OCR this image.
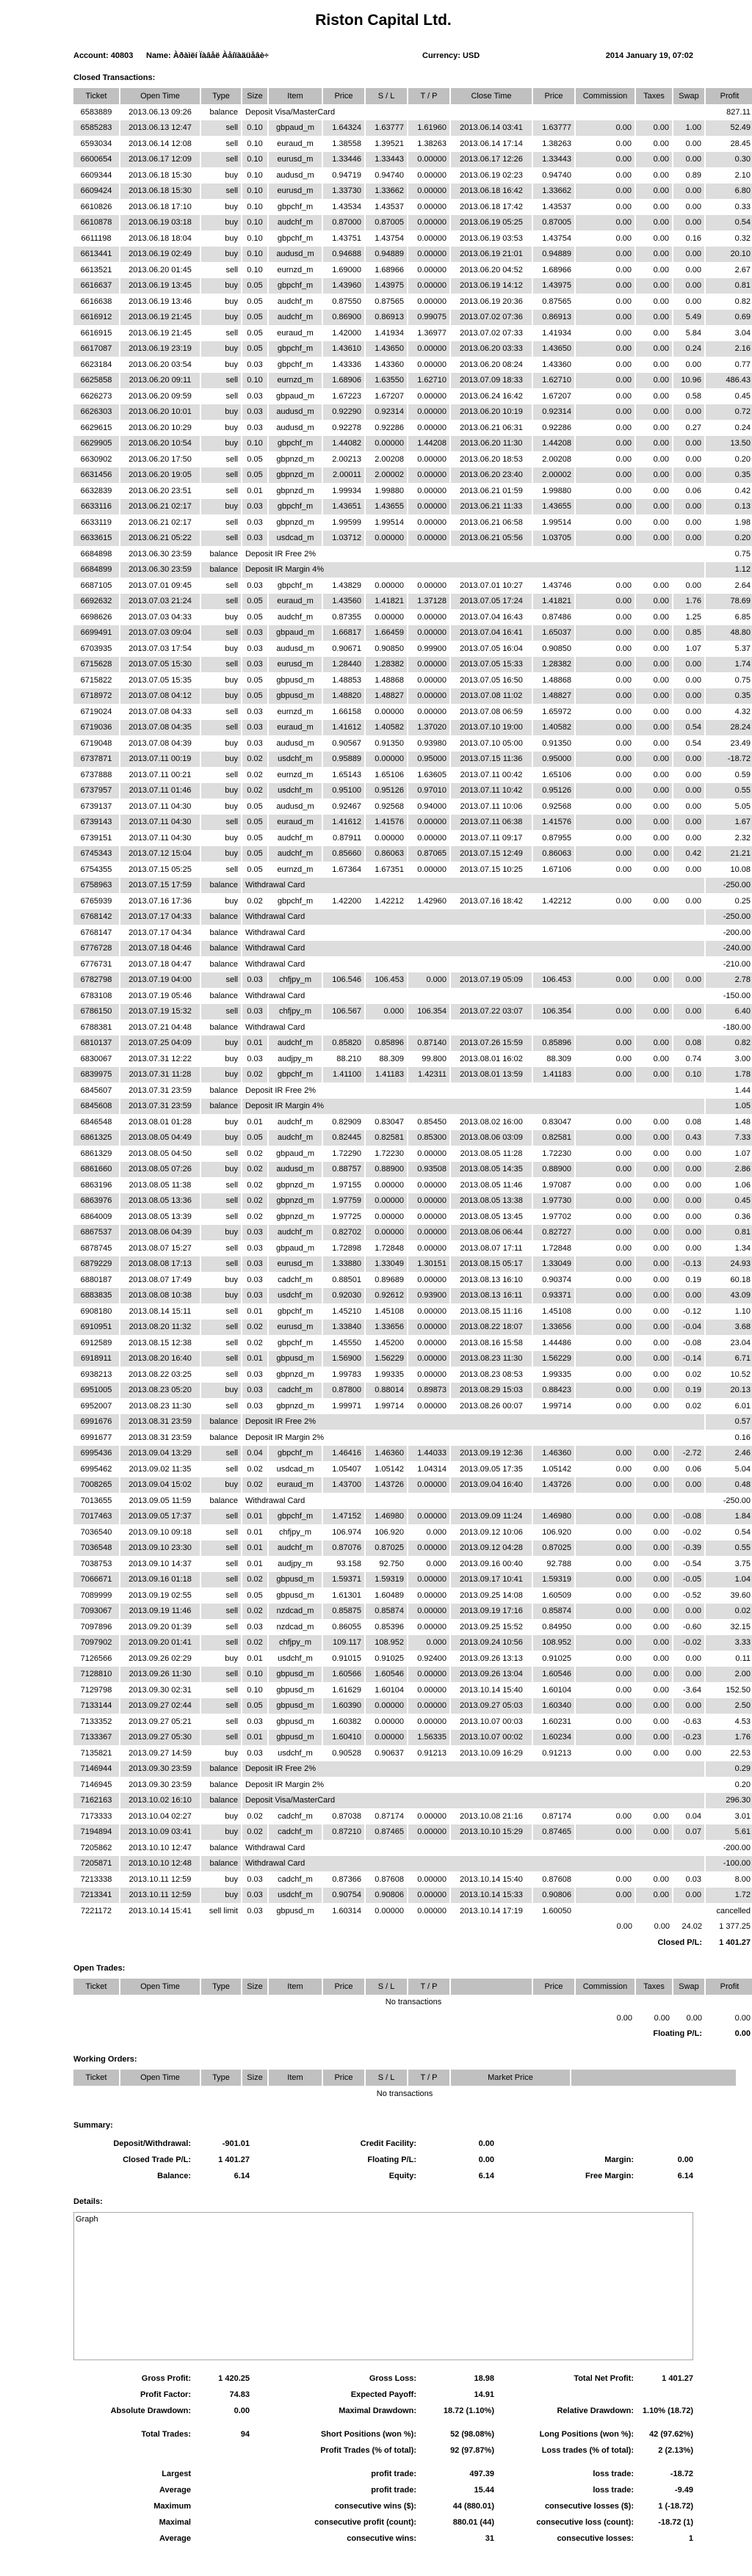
Riston Capital Ltd.
Account: 40803	Name: Àðàìëí Ïàâåë Àåíïàäüåâè÷	Currency: USD	2014 January 19, 07:02
Closed Transactions:
Ticket	Open Time	Type	Size	Item	Price	S / L	T / P	Close Time	Price	Commission	Taxes	Swap	Profit
6583889	2013.06.13 09:26	balance	Deposit Visa/MasterCard										827.11
6585283	2013.06.13 12:47	sell	0.10	gbpaud_m	1.64324	1.63777	1.61960	2013.06.14 03:41	1.63777	0.00	0.00	1.00	52.49
6593034	2013.06.14 12:08	sell	0.10	euraud_m	1.38558	1.39521	1.38263	2013.06.14 17:14	1.38263	0.00	0.00	0.00	28.45
6600654	2013.06.17 12:09	sell	0.10	eurusd_m	1.33446	1.33443	0.00000	2013.06.17 12:26	1.33443	0.00	0.00	0.00	0.30
6609344	2013.06.18 15:30	buy	0.10	audusd_m	0.94719	0.94740	0.00000	2013.06.19 02:23	0.94740	0.00	0.00	0.89	2.10
6609424	2013.06.18 15:30	sell	0.10	eurusd_m	1.33730	1.33662	0.00000	2013.06.18 16:42	1.33662	0.00	0.00	0.00	6.80
6610826	2013.06.18 17:10	buy	0.10	gbpchf_m	1.43534	1.43537	0.00000	2013.06.18 17:42	1.43537	0.00	0.00	0.00	0.33
6610878	2013.06.19 03:18	buy	0.10	audchf_m	0.87000	0.87005	0.00000	2013.06.19 05:25	0.87005	0.00	0.00	0.00	0.54
6611198	2013.06.18 18:04	buy	0.10	gbpchf_m	1.43751	1.43754	0.00000	2013.06.19 03:53	1.43754	0.00	0.00	0.16	0.32
6613441	2013.06.19 02:49	buy	0.10	audusd_m	0.94688	0.94889	0.00000	2013.06.19 21:01	0.94889	0.00	0.00	0.00	20.10
6613521	2013.06.20 01:45	sell	0.10	eurnzd_m	1.69000	1.68966	0.00000	2013.06.20 04:52	1.68966	0.00	0.00	0.00	2.67
6616637	2013.06.19 13:45	buy	0.05	gbpchf_m	1.43960	1.43975	0.00000	2013.06.19 14:12	1.43975	0.00	0.00	0.00	0.81
6616638	2013.06.19 13:46	buy	0.05	audchf_m	0.87550	0.87565	0.00000	2013.06.19 20:36	0.87565	0.00	0.00	0.00	0.82
6616912	2013.06.19 21:45	buy	0.05	audchf_m	0.86900	0.86913	0.99075	2013.07.02 07:36	0.86913	0.00	0.00	5.49	0.69
6616915	2013.06.19 21:45	sell	0.05	euraud_m	1.42000	1.41934	1.36977	2013.07.02 07:33	1.41934	0.00	0.00	5.84	3.04
6617087	2013.06.19 23:19	buy	0.05	gbpchf_m	1.43610	1.43650	0.00000	2013.06.20 03:33	1.43650	0.00	0.00	0.24	2.16
6623184	2013.06.20 03:54	buy	0.03	gbpchf_m	1.43336	1.43360	0.00000	2013.06.20 08:24	1.43360	0.00	0.00	0.00	0.77
6625858	2013.06.20 09:11	sell	0.10	eurnzd_m	1.68906	1.63550	1.62710	2013.07.09 18:33	1.62710	0.00	0.00	10.96	486.43
6626273	2013.06.20 09:59	sell	0.03	gbpaud_m	1.67223	1.67207	0.00000	2013.06.24 16:42	1.67207	0.00	0.00	0.58	0.45
6626303	2013.06.20 10:01	buy	0.03	audusd_m	0.92290	0.92314	0.00000	2013.06.20 10:19	0.92314	0.00	0.00	0.00	0.72
6629615	2013.06.20 10:29	buy	0.03	audusd_m	0.92278	0.92286	0.00000	2013.06.21 06:31	0.92286	0.00	0.00	0.27	0.24
6629905	2013.06.20 10:54	buy	0.10	gbpchf_m	1.44082	0.00000	1.44208	2013.06.20 11:30	1.44208	0.00	0.00	0.00	13.50
6630902	2013.06.20 17:50	sell	0.05	gbpnzd_m	2.00213	2.00208	0.00000	2013.06.20 18:53	2.00208	0.00	0.00	0.00	0.20
6631456	2013.06.20 19:05	sell	0.05	gbpnzd_m	2.00011	2.00002	0.00000	2013.06.20 23:40	2.00002	0.00	0.00	0.00	0.35
6632839	2013.06.20 23:51	sell	0.01	gbpnzd_m	1.99934	1.99880	0.00000	2013.06.21 01:59	1.99880	0.00	0.00	0.06	0.42
6633116	2013.06.21 02:17	buy	0.03	gbpchf_m	1.43651	1.43655	0.00000	2013.06.21 11:33	1.43655	0.00	0.00	0.00	0.13
6633119	2013.06.21 02:17	sell	0.03	gbpnzd_m	1.99599	1.99514	0.00000	2013.06.21 06:58	1.99514	0.00	0.00	0.00	1.98
6633615	2013.06.21 05:22	sell	0.03	usdcad_m	1.03712	0.00000	0.00000	2013.06.21 05:56	1.03705	0.00	0.00	0.00	0.20
6684898	2013.06.30 23:59	balance	Deposit IR Free 2%										0.75
6684899	2013.06.30 23:59	balance	Deposit IR Margin 4%										1.12
6687105	2013.07.01 09:45	sell	0.03	gbpchf_m	1.43829	0.00000	0.00000	2013.07.01 10:27	1.43746	0.00	0.00	0.00	2.64
6692632	2013.07.03 21:24	sell	0.05	euraud_m	1.43560	1.41821	1.37128	2013.07.05 17:24	1.41821	0.00	0.00	1.76	78.69
6698626	2013.07.03 04:33	buy	0.05	audchf_m	0.87355	0.00000	0.00000	2013.07.04 16:43	0.87486	0.00	0.00	1.25	6.85
6699491	2013.07.03 09:04	sell	0.03	gbpaud_m	1.66817	1.66459	0.00000	2013.07.04 16:41	1.65037	0.00	0.00	0.85	48.80
6703935	2013.07.03 17:54	buy	0.03	audusd_m	0.90671	0.90850	0.99900	2013.07.05 16:04	0.90850	0.00	0.00	1.07	5.37
6715628	2013.07.05 15:30	sell	0.03	eurusd_m	1.28440	1.28382	0.00000	2013.07.05 15:33	1.28382	0.00	0.00	0.00	1.74
6715822	2013.07.05 15:35	buy	0.05	gbpusd_m	1.48853	1.48868	0.00000	2013.07.05 16:50	1.48868	0.00	0.00	0.00	0.75
6718972	2013.07.08 04:12	buy	0.05	gbpusd_m	1.48820	1.48827	0.00000	2013.07.08 11:02	1.48827	0.00	0.00	0.00	0.35
6719024	2013.07.08 04:33	sell	0.03	eurnzd_m	1.66158	0.00000	0.00000	2013.07.08 06:59	1.65972	0.00	0.00	0.00	4.32
6719036	2013.07.08 04:35	sell	0.03	euraud_m	1.41612	1.40582	1.37020	2013.07.10 19:00	1.40582	0.00	0.00	0.54	28.24
6719048	2013.07.08 04:39	buy	0.03	audusd_m	0.90567	0.91350	0.93980	2013.07.10 05:00	0.91350	0.00	0.00	0.54	23.49
6737871	2013.07.11 00:19	buy	0.02	usdchf_m	0.95889	0.00000	0.95000	2013.07.15 11:36	0.95000	0.00	0.00	0.00	-18.72
6737888	2013.07.11 00:21	sell	0.02	eurnzd_m	1.65143	1.65106	1.63605	2013.07.11 00:42	1.65106	0.00	0.00	0.00	0.59
6737957	2013.07.11 01:46	buy	0.02	usdchf_m	0.95100	0.95126	0.97010	2013.07.11 10:42	0.95126	0.00	0.00	0.00	0.55
6739137	2013.07.11 04:30	buy	0.05	audusd_m	0.92467	0.92568	0.94000	2013.07.11 10:06	0.92568	0.00	0.00	0.00	5.05
6739143	2013.07.11 04:30	sell	0.05	euraud_m	1.41612	1.41576	0.00000	2013.07.11 06:38	1.41576	0.00	0.00	0.00	1.67
6739151	2013.07.11 04:30	buy	0.05	audchf_m	0.87911	0.00000	0.00000	2013.07.11 09:17	0.87955	0.00	0.00	0.00	2.32
6745343	2013.07.12 15:04	buy	0.05	audchf_m	0.85660	0.86063	0.87065	2013.07.15 12:49	0.86063	0.00	0.00	0.42	21.21
6754355	2013.07.15 05:25	sell	0.05	eurnzd_m	1.67364	1.67351	0.00000	2013.07.15 10:25	1.67106	0.00	0.00	0.00	10.08
6758963	2013.07.15 17:59	balance	Withdrawal Card										-250.00
6765939	2013.07.16 17:36	buy	0.02	gbpchf_m	1.42200	1.42212	1.42960	2013.07.16 18:42	1.42212	0.00	0.00	0.00	0.25
6768142	2013.07.17 04:33	balance	Withdrawal Card										-250.00
6768147	2013.07.17 04:34	balance	Withdrawal Card										-200.00
6776728	2013.07.18 04:46	balance	Withdrawal Card										-240.00
6776731	2013.07.18 04:47	balance	Withdrawal Card										-210.00
6782798	2013.07.19 04:00	sell	0.03	chfjpy_m	106.546	106.453	0.000	2013.07.19 05:09	106.453	0.00	0.00	0.00	2.78
6783108	2013.07.19 05:46	balance	Withdrawal Card										-150.00
6786150	2013.07.19 15:32	sell	0.03	chfjpy_m	106.567	0.000	106.354	2013.07.22 03:07	106.354	0.00	0.00	0.00	6.40
6788381	2013.07.21 04:48	balance	Withdrawal Card										-180.00
6810137	2013.07.25 04:09	buy	0.01	audchf_m	0.85820	0.85896	0.87140	2013.07.26 15:59	0.85896	0.00	0.00	0.08	0.82
6830067	2013.07.31 12:22	buy	0.03	audjpy_m	88.210	88.309	99.800	2013.08.01 16:02	88.309	0.00	0.00	0.74	3.00
6839975	2013.07.31 11:28	buy	0.02	gbpchf_m	1.41100	1.41183	1.42311	2013.08.01 13:59	1.41183	0.00	0.00	0.10	1.78
6845607	2013.07.31 23:59	balance	Deposit IR Free 2%										1.44
6845608	2013.07.31 23:59	balance	Deposit IR Margin 4%										1.05
6846548	2013.08.01 01:28	buy	0.01	audchf_m	0.82909	0.83047	0.85450	2013.08.02 16:00	0.83047	0.00	0.00	0.08	1.48
6861325	2013.08.05 04:49	buy	0.05	audchf_m	0.82445	0.82581	0.85300	2013.08.06 03:09	0.82581	0.00	0.00	0.43	7.33
6861329	2013.08.05 04:50	sell	0.02	gbpaud_m	1.72290	1.72230	0.00000	2013.08.05 11:28	1.72230	0.00	0.00	0.00	1.07
6861660	2013.08.05 07:26	buy	0.02	audusd_m	0.88757	0.88900	0.93508	2013.08.05 14:35	0.88900	0.00	0.00	0.00	2.86
6863196	2013.08.05 11:38	sell	0.02	gbpnzd_m	1.97155	0.00000	0.00000	2013.08.05 11:46	1.97087	0.00	0.00	0.00	1.06
6863976	2013.08.05 13:36	sell	0.02	gbpnzd_m	1.97759	0.00000	0.00000	2013.08.05 13:38	1.97730	0.00	0.00	0.00	0.45
6864009	2013.08.05 13:39	sell	0.02	gbpnzd_m	1.97725	0.00000	0.00000	2013.08.05 13:45	1.97702	0.00	0.00	0.00	0.36
6867537	2013.08.06 04:39	buy	0.03	audchf_m	0.82702	0.00000	0.00000	2013.08.06 06:44	0.82727	0.00	0.00	0.00	0.81
6878745	2013.08.07 15:27	sell	0.03	gbpaud_m	1.72898	1.72848	0.00000	2013.08.07 17:11	1.72848	0.00	0.00	0.00	1.34
6879229	2013.08.08 17:13	sell	0.03	eurusd_m	1.33880	1.33049	1.30151	2013.08.15 05:17	1.33049	0.00	0.00	-0.13	24.93
6880187	2013.08.07 17:49	buy	0.03	cadchf_m	0.88501	0.89689	0.00000	2013.08.13 16:10	0.90374	0.00	0.00	0.19	60.18
6883835	2013.08.08 10:38	buy	0.03	usdchf_m	0.92030	0.92612	0.93900	2013.08.13 16:11	0.93371	0.00	0.00	0.00	43.09
6908180	2013.08.14 15:11	sell	0.01	gbpchf_m	1.45210	1.45108	0.00000	2013.08.15 11:16	1.45108	0.00	0.00	-0.12	1.10
6910951	2013.08.20 11:32	sell	0.02	eurusd_m	1.33840	1.33656	0.00000	2013.08.22 18:07	1.33656	0.00	0.00	-0.04	3.68
6912589	2013.08.15 12:38	sell	0.02	gbpchf_m	1.45550	1.45200	0.00000	2013.08.16 15:58	1.44486	0.00	0.00	-0.08	23.04
6918911	2013.08.20 16:40	sell	0.01	gbpusd_m	1.56900	1.56229	0.00000	2013.08.23 11:30	1.56229	0.00	0.00	-0.14	6.71
6938213	2013.08.22 03:25	sell	0.03	gbpnzd_m	1.99783	1.99335	0.00000	2013.08.23 08:53	1.99335	0.00	0.00	0.02	10.52
6951005	2013.08.23 05:20	buy	0.03	cadchf_m	0.87800	0.88014	0.89873	2013.08.29 15:03	0.88423	0.00	0.00	0.19	20.13
6952007	2013.08.23 11:30	sell	0.03	gbpnzd_m	1.99971	1.99714	0.00000	2013.08.26 00:07	1.99714	0.00	0.00	0.02	6.01
6991676	2013.08.31 23:59	balance	Deposit IR Free 2%										0.57
6991677	2013.08.31 23:59	balance	Deposit IR Margin 2%										0.16
6995436	2013.09.04 13:29	sell	0.04	gbpchf_m	1.46416	1.46360	1.44033	2013.09.19 12:36	1.46360	0.00	0.00	-2.72	2.46
6995462	2013.09.02 11:35	sell	0.02	usdcad_m	1.05407	1.05142	1.04314	2013.09.05 17:35	1.05142	0.00	0.00	0.06	5.04
7008265	2013.09.04 15:02	buy	0.02	euraud_m	1.43700	1.43726	0.00000	2013.09.04 16:40	1.43726	0.00	0.00	0.00	0.48
7013655	2013.09.05 11:59	balance	Withdrawal Card										-250.00
7017463	2013.09.05 17:37	sell	0.01	gbpchf_m	1.47152	1.46980	0.00000	2013.09.09 11:24	1.46980	0.00	0.00	-0.08	1.84
7036540	2013.09.10 09:18	sell	0.01	chfjpy_m	106.974	106.920	0.000	2013.09.12 10:06	106.920	0.00	0.00	-0.02	0.54
7036548	2013.09.10 23:30	sell	0.01	audchf_m	0.87076	0.87025	0.00000	2013.09.12 04:28	0.87025	0.00	0.00	-0.39	0.55
7038753	2013.09.10 14:37	sell	0.01	audjpy_m	93.158	92.750	0.000	2013.09.16 00:40	92.788	0.00	0.00	-0.54	3.75
7066671	2013.09.16 01:18	sell	0.02	gbpusd_m	1.59371	1.59319	0.00000	2013.09.17 10:41	1.59319	0.00	0.00	-0.05	1.04
7089999	2013.09.19 02:55	sell	0.05	gbpusd_m	1.61301	1.60489	0.00000	2013.09.25 14:08	1.60509	0.00	0.00	-0.52	39.60
7093067	2013.09.19 11:46	sell	0.02	nzdcad_m	0.85875	0.85874	0.00000	2013.09.19 17:16	0.85874	0.00	0.00	0.00	0.02
7097896	2013.09.20 01:39	sell	0.03	nzdcad_m	0.86055	0.85396	0.00000	2013.09.25 15:52	0.84950	0.00	0.00	-0.60	32.15
7097902	2013.09.20 01:41	sell	0.02	chfjpy_m	109.117	108.952	0.000	2013.09.24 10:56	108.952	0.00	0.00	-0.02	3.33
7126566	2013.09.26 02:29	buy	0.01	usdchf_m	0.91015	0.91025	0.92400	2013.09.26 13:13	0.91025	0.00	0.00	0.00	0.11
7128810	2013.09.26 11:30	sell	0.10	gbpusd_m	1.60566	1.60546	0.00000	2013.09.26 13:04	1.60546	0.00	0.00	0.00	2.00
7129798	2013.09.30 02:31	sell	0.10	gbpusd_m	1.61629	1.60104	0.00000	2013.10.14 15:40	1.60104	0.00	0.00	-3.64	152.50
7133144	2013.09.27 02:44	sell	0.05	gbpusd_m	1.60390	0.00000	0.00000	2013.09.27 05:03	1.60340	0.00	0.00	0.00	2.50
7133352	2013.09.27 05:21	sell	0.03	gbpusd_m	1.60382	0.00000	0.00000	2013.10.07 00:03	1.60231	0.00	0.00	-0.63	4.53
7133367	2013.09.27 05:30	sell	0.01	gbpusd_m	1.60410	0.00000	1.56335	2013.10.07 00:02	1.60234	0.00	0.00	-0.23	1.76
7135821	2013.09.27 14:59	buy	0.03	usdchf_m	0.90528	0.90637	0.91213	2013.10.09 16:29	0.91213	0.00	0.00	0.00	22.53
7146944	2013.09.30 23:59	balance	Deposit IR Free 2%										0.29
7146945	2013.09.30 23:59	balance	Deposit IR Margin 2%										0.20
7162163	2013.10.02 16:10	balance	Deposit Visa/MasterCard										296.30
7173333	2013.10.04 02:27	buy	0.02	cadchf_m	0.87038	0.87174	0.00000	2013.10.08 21:16	0.87174	0.00	0.00	0.04	3.01
7194894	2013.10.09 03:41	buy	0.02	cadchf_m	0.87210	0.87465	0.00000	2013.10.10 15:29	0.87465	0.00	0.00	0.07	5.61
7205862	2013.10.10 12:47	balance	Withdrawal Card										-200.00
7205871	2013.10.10 12:48	balance	Withdrawal Card										-100.00
7213338	2013.10.11 12:59	buy	0.03	cadchf_m	0.87366	0.87608	0.00000	2013.10.14 15:40	0.87608	0.00	0.00	0.03	8.00
7213341	2013.10.11 12:59	buy	0.03	usdchf_m	0.90754	0.90806	0.00000	2013.10.14 15:33	0.90806	0.00	0.00	0.00	1.72
7221172	2013.10.14 15:41	sell limit	0.03	gbpusd_m	1.60314	0.00000	0.00000	2013.10.14 17:19	1.60050				cancelled
										0.00	0.00	24.02	1 377.25
										Closed P/L:			1 401.27
Open Trades:
Ticket	Open Time	Type	Size	Item	Price	S / L	T / P		Price	Commission	Taxes	Swap	Profit
No transactions													
										0.00	0.00	0.00	0.00
										Floating P/L:			0.00
Working Orders:
Ticket	Open Time	Type	Size	Item	Price	S / L	T / P	Market Price	
No transactions
Summary:
Deposit/Withdrawal:	-901.01	Credit Facility:	0.00
Closed Trade P/L:	1 401.27	Floating P/L:	0.00	Margin:	0.00
Balance:	6.14	Equity:	6.14	Free Margin:	6.14
Details:
Graph
Gross Profit:	1 420.25	Gross Loss:	18.98	Total Net Profit:	1 401.27
Profit Factor:	74.83	Expected Payoff:	14.91
Absolute Drawdown:	0.00	Maximal Drawdown:	18.72 (1.10%)	Relative Drawdown:	1.10% (18.72)
Total Trades:	94	Short Positions (won %):	52 (98.08%)	Long Positions (won %):	42 (97.62%)
Profit Trades (% of total):	92 (97.87%)	Loss trades (% of total):	2 (2.13%)
Largest	profit trade:	497.39	loss trade:	-18.72
Average	profit trade:	15.44	loss trade:	-9.49
Maximum	consecutive wins ($):	44 (880.01)	consecutive losses ($):	1 (-18.72)
Maximal	consecutive profit (count):	880.01 (44)	consecutive loss (count):	-18.72 (1)
Average	consecutive wins:	31	consecutive losses:	1
